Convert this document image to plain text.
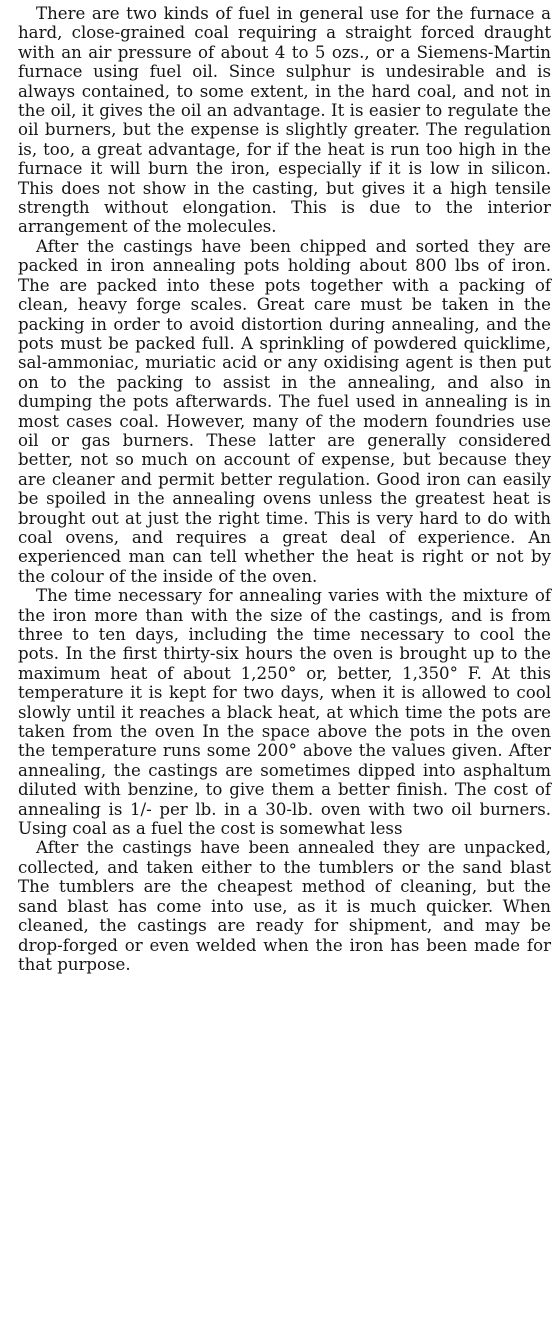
There are two kinds of fuel in general use for the furnace a hard, close-grained coal requiring a straight forced draught with an air pressure of about 4 to 5 ozs., or a Siemens-Martin furnace using fuel oil. Since sulphur is undesirable and is always contained, to some extent, in the hard coal, and not in the oil, it gives the oil an advantage. It is easier to regulate the oil burners, but the expense is slightly greater. The regulation is, too, a great advantage, for if the heat is run too high in the furnace it will burn the iron, especially if it is low in silicon. This does not show in the casting, but gives it a high tensile strength without elongation. This is due to the interior arrangement of the molecules.

After the castings have been chipped and sorted they are packed in iron annealing pots holding about 800 lbs of iron. The are packed into these pots together with a packing of clean, heavy forge scales. Great care must be taken in the packing in order to avoid distortion during annealing, and the pots must be packed full. A sprinkling of powdered quicklime, sal-ammoniac, muriatic acid or any oxidising agent is then put on to the packing to assist in the annealing, and also in dumping the pots afterwards. The fuel used in annealing is in most cases coal. However, many of the modern foundries use oil or gas burners. These latter are generally considered better, not so much on account of expense, but because they are cleaner and permit better regulation. Good iron can easily be spoiled in the annealing ovens unless the greatest heat is brought out at just the right time. This is very hard to do with coal ovens, and requires a great deal of experience. An experienced man can tell whether the heat is right or not by the colour of the inside of the oven.

The time necessary for annealing varies with the mixture of the iron more than with the size of the castings, and is from three to ten days, including the time necessary to cool the pots. In the first thirty-six hours the oven is brought up to the maximum heat of about 1,250° or, better, 1,350° F. At this temperature it is kept for two days, when it is allowed to cool slowly until it reaches a black heat, at which time the pots are taken from the oven In the space above the pots in the oven the temperature runs some 200° above the values given. After annealing, the castings are sometimes dipped into asphaltum diluted with benzine, to give them a better finish. The cost of annealing is 1/- per lb. in a 30-lb. oven with two oil burners. Using coal as a fuel the cost is somewhat less

After the castings have been annealed they are unpacked, collected, and taken either to the tumblers or the sand blast The tumblers are the cheapest method of cleaning, but the sand blast has come into use, as it is much quicker. When cleaned, the castings are ready for shipment, and may be drop-forged or even welded when the iron has been made for that purpose.
